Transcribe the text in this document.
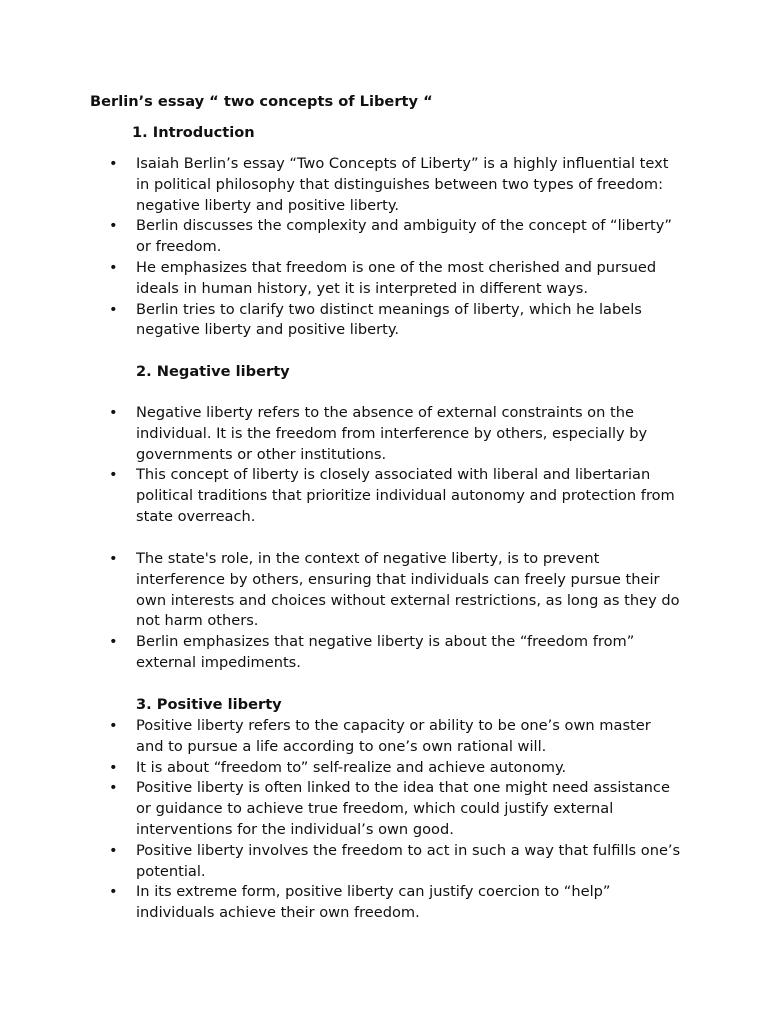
Berlin’s essay “ two concepts of Liberty “
1. Introduction
• Isaiah Berlin’s essay “Two Concepts of Liberty” is a highly influential text in political philosophy that distinguishes between two types of freedom: negative liberty and positive liberty.
• Berlin discusses the complexity and ambiguity of the concept of “liberty” or freedom.
• He emphasizes that freedom is one of the most cherished and pursued ideals in human history, yet it is interpreted in different ways.
• Berlin tries to clarify two distinct meanings of liberty, which he labels negative liberty and positive liberty.
2. Negative liberty
• Negative liberty refers to the absence of external constraints on the individual. It is the freedom from interference by others, especially by governments or other institutions.
• This concept of liberty is closely associated with liberal and libertarian political traditions that prioritize individual autonomy and protection from state overreach.
• The state's role, in the context of negative liberty, is to prevent interference by others, ensuring that individuals can freely pursue their own interests and choices without external restrictions, as long as they do not harm others.
• Berlin emphasizes that negative liberty is about the “freedom from” external impediments.
3. Positive liberty
• Positive liberty refers to the capacity or ability to be one’s own master and to pursue a life according to one’s own rational will.
• It is about “freedom to” self-realize and achieve autonomy.
• Positive liberty is often linked to the idea that one might need assistance or guidance to achieve true freedom, which could justify external interventions for the individual’s own good.
• Positive liberty involves the freedom to act in such a way that fulfills one’s potential.
• In its extreme form, positive liberty can justify coercion to “help” individuals achieve their own freedom.
